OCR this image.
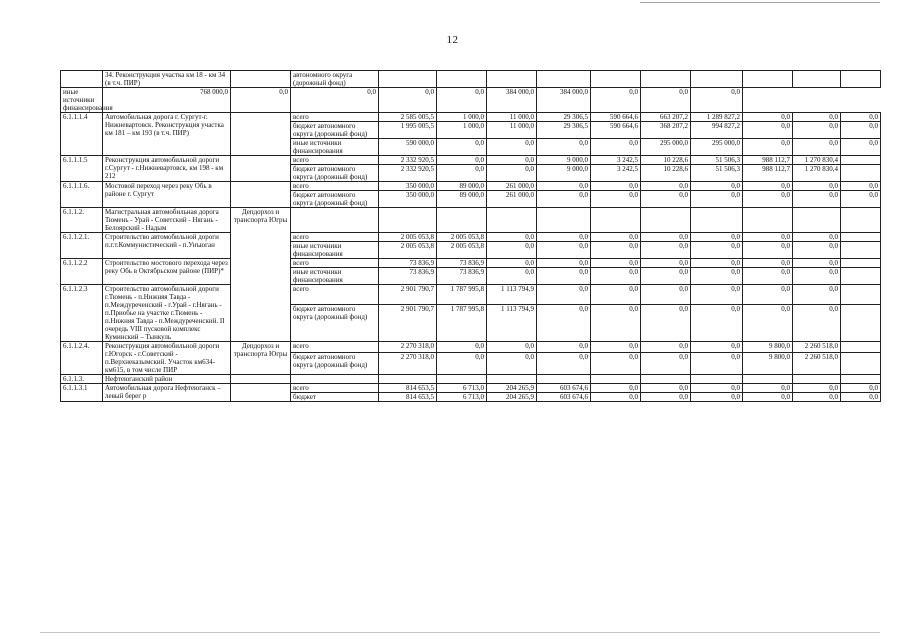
12
	34. Реконструкция участка км 18 - км 34 (в т.ч. ПИР)		автономного округа (дорожный фонд)										
иные источники финансирования	768 000,0	0,0	0,0	0,0	0,0	384 000,0	384 000,0	0,0	0,0	0,0			
6.1.1.1.4	Автомобильная дорога г. Сургут-г. Нижневартовск. Реконструкция участка км 181 – км 193 (в т.ч. ПИР)		всего	2 585 005,5	1 000,0	11 000,0	29 306,5	590 664,6	663 207,2	1 289 827,2	0,0	0,0	0,0
			бюджет автономного округа (дорожный фонд)	1 995 005,5	1 000,0	11 000,0	29 306,5	590 664,6	368 207,2	994 827,2	0,0	0,0	0,0
			иные источники финансирования	590 000,0	0,0	0,0	0,0	0,0	295 000,0	295 000,0	0,0	0,0	0,0
6.1.1.1.5	Реконструкция автомобильной дороги г.Сургут - г.Нижневартовск, км 198 - км 212		всего	2 332 920,5	0,0	0,0	9 000,0	3 242,5	10 228,6	51 506,3	988 112,7	1 270 830,4	
			бюджет автономного округа (дорожный фонд)	2 332 920,5	0,0	0,0	9 000,0	3 242,5	10 228,6	51 506,3	988 112,7	1 270 830,4	
6.1.1.1.6.	Мостовой переход через реку Обь в районе г. Сургут		всего	350 000,0	89 000,0	261 000,0	0,0	0,0	0,0	0,0	0,0	0,0	0,0
			бюджет автономного округа (дорожный фонд)	350 000,0	89 000,0	261 000,0	0,0	0,0	0,0	0,0	0,0	0,0	0,0
6.1.1.2.	Магистральная автомобильная дорога Тюмень - Урай - Советский - Нягань - Белоярский - Надым	Депдорхоз и транспорта Югры											
6.1.1.2.1.	Строительство автомобильной дороги п.г.т.Коммунистический - п.Унъюган		всего	2 005 053,8	2 005 053,8	0,0	0,0	0,0	0,0	0,0	0,0	0,0	
			иные источники финансирования	2 005 053,8	2 005 053,8	0,0	0,0	0,0	0,0	0,0	0,0	0,0	
6.1.1.2.2	Строительство мостового перехода через реку Обь в Октябрьском районе (ПИР)*		всего	73 836,9	73 836,9	0,0	0,0	0,0	0,0	0,0	0,0	0,0	
			иные источники финансирования	73 836,9	73 836,9	0,0	0,0	0,0	0,0	0,0	0,0	0,0	
6.1.1.2.3	Строительство автомобильной дороги г.Тюмень - п.Нижняя Тавда - п.Междуреченский - г.Урай - г.Нягань - п.Приобье на участке г.Тюмень - п.Нижняя Тавда - п.Междуреченский. II очередь VIII пусковой комплекс Куминский – Тынкуль		всего	2 901 790,7	1 787 995,8	1 113 794,9	0,0	0,0	0,0	0,0	0,0	0,0	
			бюджет автономного округа (дорожный фонд)	2 901 790,7	1 787 995,8	1 113 794,9	0,0	0,0	0,0	0,0	0,0	0,0	
6.1.1.2.4.	Реконструкция автомобильной дороги г.Югорск - г.Советский - п.Верхнеказымский. Участок км634-км615, в том числе ПИР	Депдорхоз и транспорта Югры	всего	2 270 318,0	0,0	0,0	0,0	0,0	0,0	0,0	9 800,0	2 260 518,0	
			бюджет автономного округа (дорожный фонд)	2 270 318,0	0,0	0,0	0,0	0,0	0,0	0,0	9 800,0	2 260 518,0	
6.1.1.3.	Нефтеюганский район												
6.1.1.3.1	Автомобильная дорога Нефтеюганск – левый берег р		всего	814 653,5	6 713,0	204 265,9	603 674,6	0,0	0,0	0,0	0,0	0,0	0,0
			бюджет	814 653,5	6 713,0	204 265,9	603 674,6	0,0	0,0	0,0	0,0	0,0	0,0
